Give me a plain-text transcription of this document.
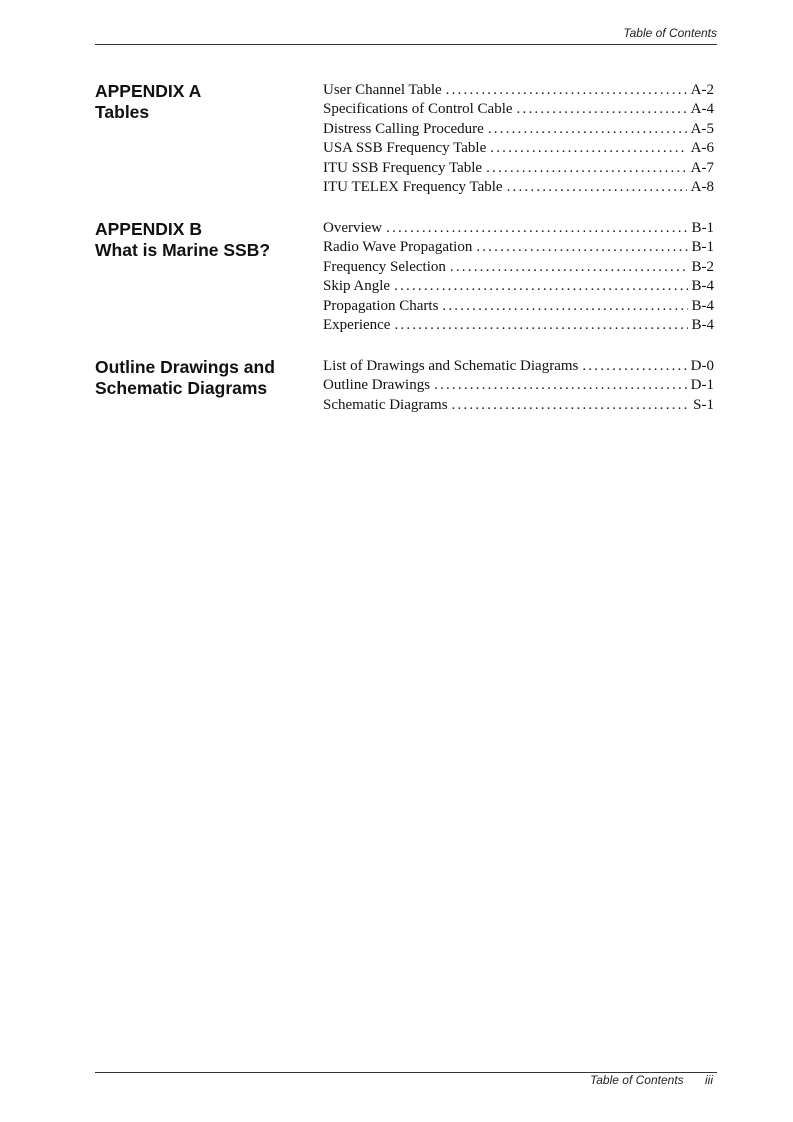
Table of Contents
APPENDIX A
Tables
User Channel Table .....	A-2
Specifications of Control Cable .....	A-4
Distress Calling Procedure .....	A-5
USA SSB Frequency Table .....	A-6
ITU SSB Frequency Table .....	A-7
ITU TELEX Frequency Table .....	A-8
APPENDIX B
What is Marine SSB?
Overview .....	B-1
Radio Wave Propagation .....	B-1
Frequency Selection .....	B-2
Skip Angle .....	B-4
Propagation Charts .....	B-4
Experience .....	B-4
Outline Drawings and
Schematic Diagrams
List of Drawings and Schematic Diagrams .....	D-0
Outline Drawings .....	D-1
Schematic Diagrams .....	S-1
Table of Contents iii
